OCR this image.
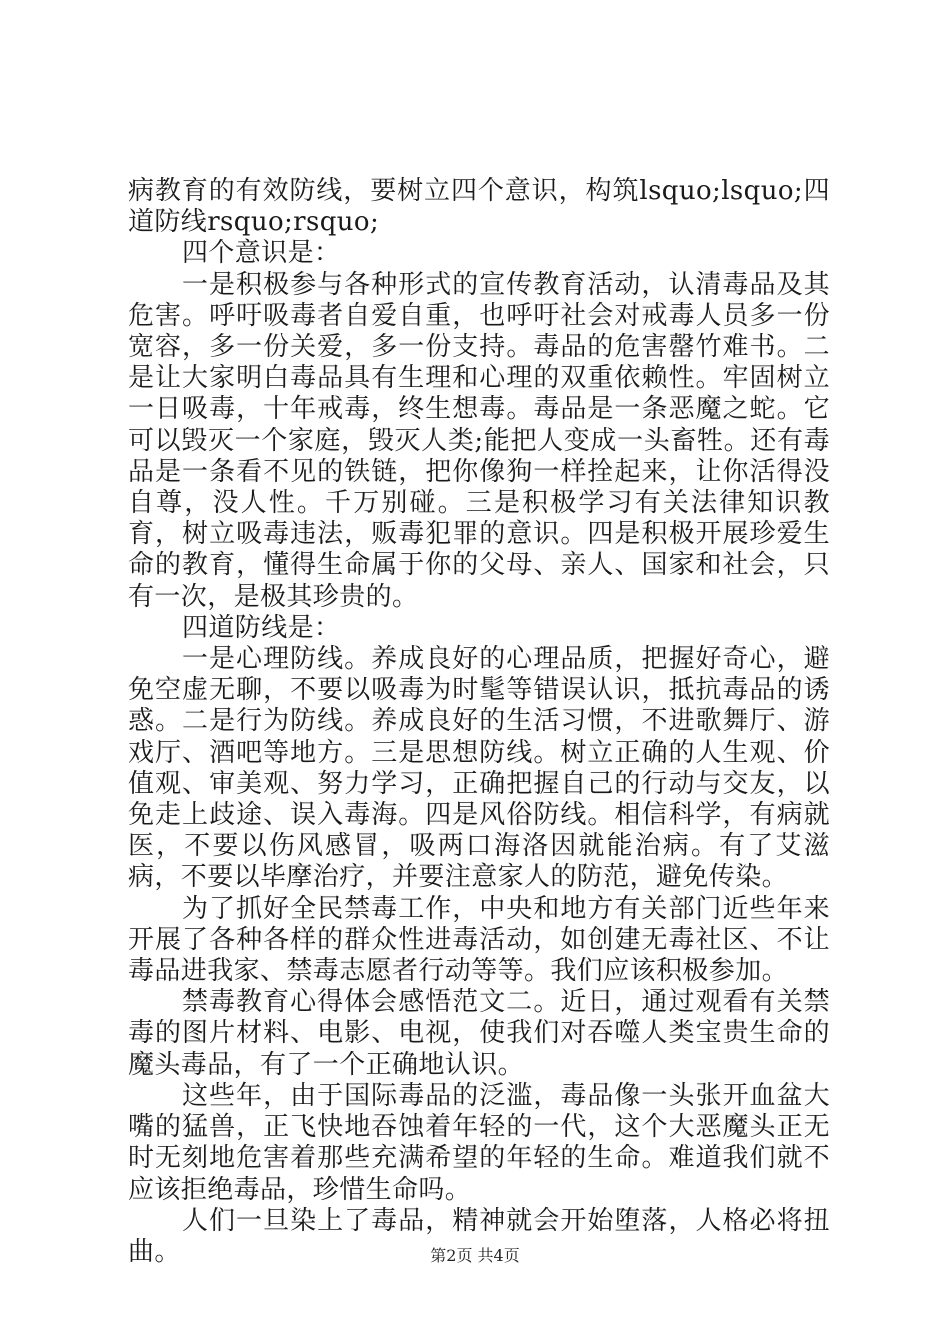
病教育的有效防线，要树立四个意识，构筑lsquo;lsquo;四道防线rsquo;rsquo;

四个意识是：

一是积极参与各种形式的宣传教育活动，认清毒品及其危害。呼吁吸毒者自爱自重，也呼吁社会对戒毒人员多一份宽容，多一份关爱，多一份支持。毒品的危害罄竹难书。二是让大家明白毒品具有生理和心理的双重依赖性。牢固树立一日吸毒，十年戒毒，终生想毒。毒品是一条恶魔之蛇。它可以毁灭一个家庭，毁灭人类;能把人变成一头畜牲。还有毒品是一条看不见的铁链，把你像狗一样拴起来，让你活得没自尊，没人性。千万别碰。三是积极学习有关法律知识教育，树立吸毒违法，贩毒犯罪的意识。四是积极开展珍爱生命的教育，懂得生命属于你的父母、亲人、国家和社会，只有一次，是极其珍贵的。

四道防线是：

一是心理防线。养成良好的心理品质，把握好奇心，避免空虚无聊，不要以吸毒为时髦等错误认识，抵抗毒品的诱惑。二是行为防线。养成良好的生活习惯，不进歌舞厅、游戏厅、酒吧等地方。三是思想防线。树立正确的人生观、价值观、审美观、努力学习，正确把握自己的行动与交友，以免走上歧途、误入毒海。四是风俗防线。相信科学，有病就医，不要以伤风感冒，吸两口海洛因就能治病。有了艾滋病，不要以毕摩治疗，并要注意家人的防范，避免传染。

为了抓好全民禁毒工作，中央和地方有关部门近些年来开展了各种各样的群众性进毒活动，如创建无毒社区、不让毒品进我家、禁毒志愿者行动等等。我们应该积极参加。

禁毒教育心得体会感悟范文二。近日，通过观看有关禁毒的图片材料、电影、电视，使我们对吞噬人类宝贵生命的魔头毒品，有了一个正确地认识。

这些年，由于国际毒品的泛滥，毒品像一头张开血盆大嘴的猛兽，正飞快地吞蚀着年轻的一代，这个大恶魔头正无时无刻地危害着那些充满希望的年轻的生命。难道我们就不应该拒绝毒品，珍惜生命吗。

人们一旦染上了毒品，精神就会开始堕落，人格必将扭曲。	第2页 共4页
